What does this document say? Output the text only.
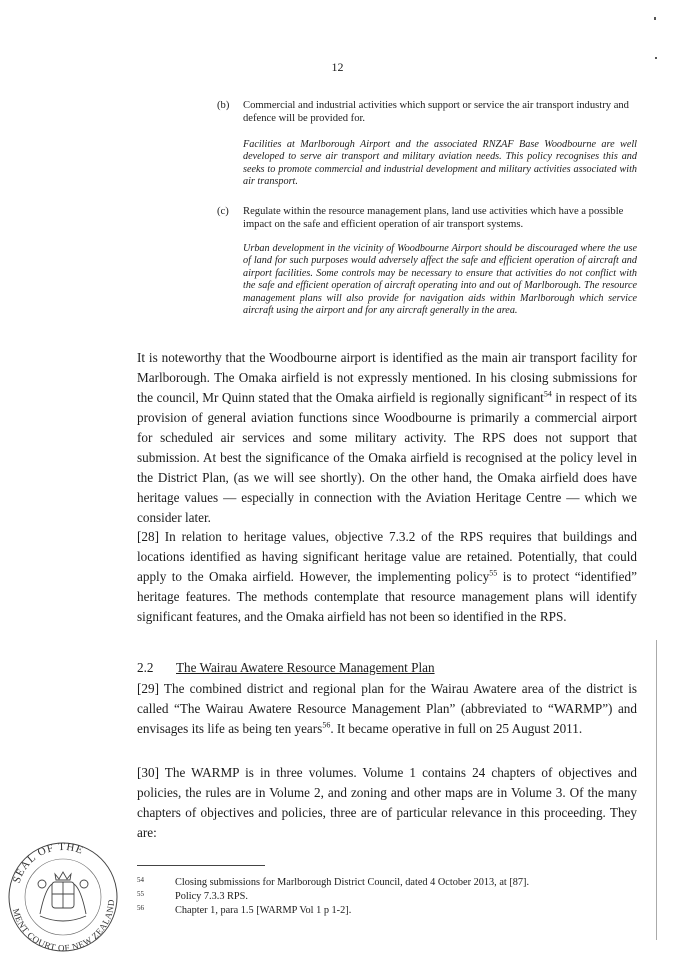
12
(b) Commercial and industrial activities which support or service the air transport industry and defence will be provided for.
Facilities at Marlborough Airport and the associated RNZAF Base Woodbourne are well developed to serve air transport and military aviation needs. This policy recognises this and seeks to promote commercial and industrial development and military activities associated with air transport.
(c) Regulate within the resource management plans, land use activities which have a possible impact on the safe and efficient operation of air transport systems.
Urban development in the vicinity of Woodbourne Airport should be discouraged where the use of land for such purposes would adversely affect the safe and efficient operation of aircraft and airport facilities. Some controls may be necessary to ensure that activities do not conflict with the safe and efficient operation of aircraft operating into and out of Marlborough. The resource management plans will also provide for navigation aids within Marlborough which service aircraft using the airport and for any aircraft generally in the area.
It is noteworthy that the Woodbourne airport is identified as the main air transport facility for Marlborough. The Omaka airfield is not expressly mentioned. In his closing submissions for the council, Mr Quinn stated that the Omaka airfield is regionally significant$^{54}$ in respect of its provision of general aviation functions since Woodbourne is primarily a commercial airport for scheduled air services and some military activity. The RPS does not support that submission. At best the significance of the Omaka airfield is recognised at the policy level in the District Plan, (as we will see shortly). On the other hand, the Omaka airfield does have heritage values — especially in connection with the Aviation Heritage Centre — which we consider later.
[28] In relation to heritage values, objective 7.3.2 of the RPS requires that buildings and locations identified as having significant heritage value are retained. Potentially, that could apply to the Omaka airfield. However, the implementing policy$^{55}$ is to protect “identified” heritage features. The methods contemplate that resource management plans will identify significant features, and the Omaka airfield has not been so identified in the RPS.
2.2 The Wairau Awatere Resource Management Plan
[29] The combined district and regional plan for the Wairau Awatere area of the district is called “The Wairau Awatere Resource Management Plan” (abbreviated to “WARMP”) and envisages its life as being ten years$^{56}$. It became operative in full on 25 August 2011.
[30] The WARMP is in three volumes. Volume 1 contains 24 chapters of objectives and policies, the rules are in Volume 2, and zoning and other maps are in Volume 3. Of the many chapters of objectives and policies, three are of particular relevance in this proceeding. They are:
54	Closing submissions for Marlborough District Council, dated 4 October 2013, at [87].
55	Policy 7.3.3 RPS.
56	Chapter 1, para 1.5 [WARMP Vol 1 p 1-2].
SEAL OF THE
MENT COURT OF NEW ZEALAND
